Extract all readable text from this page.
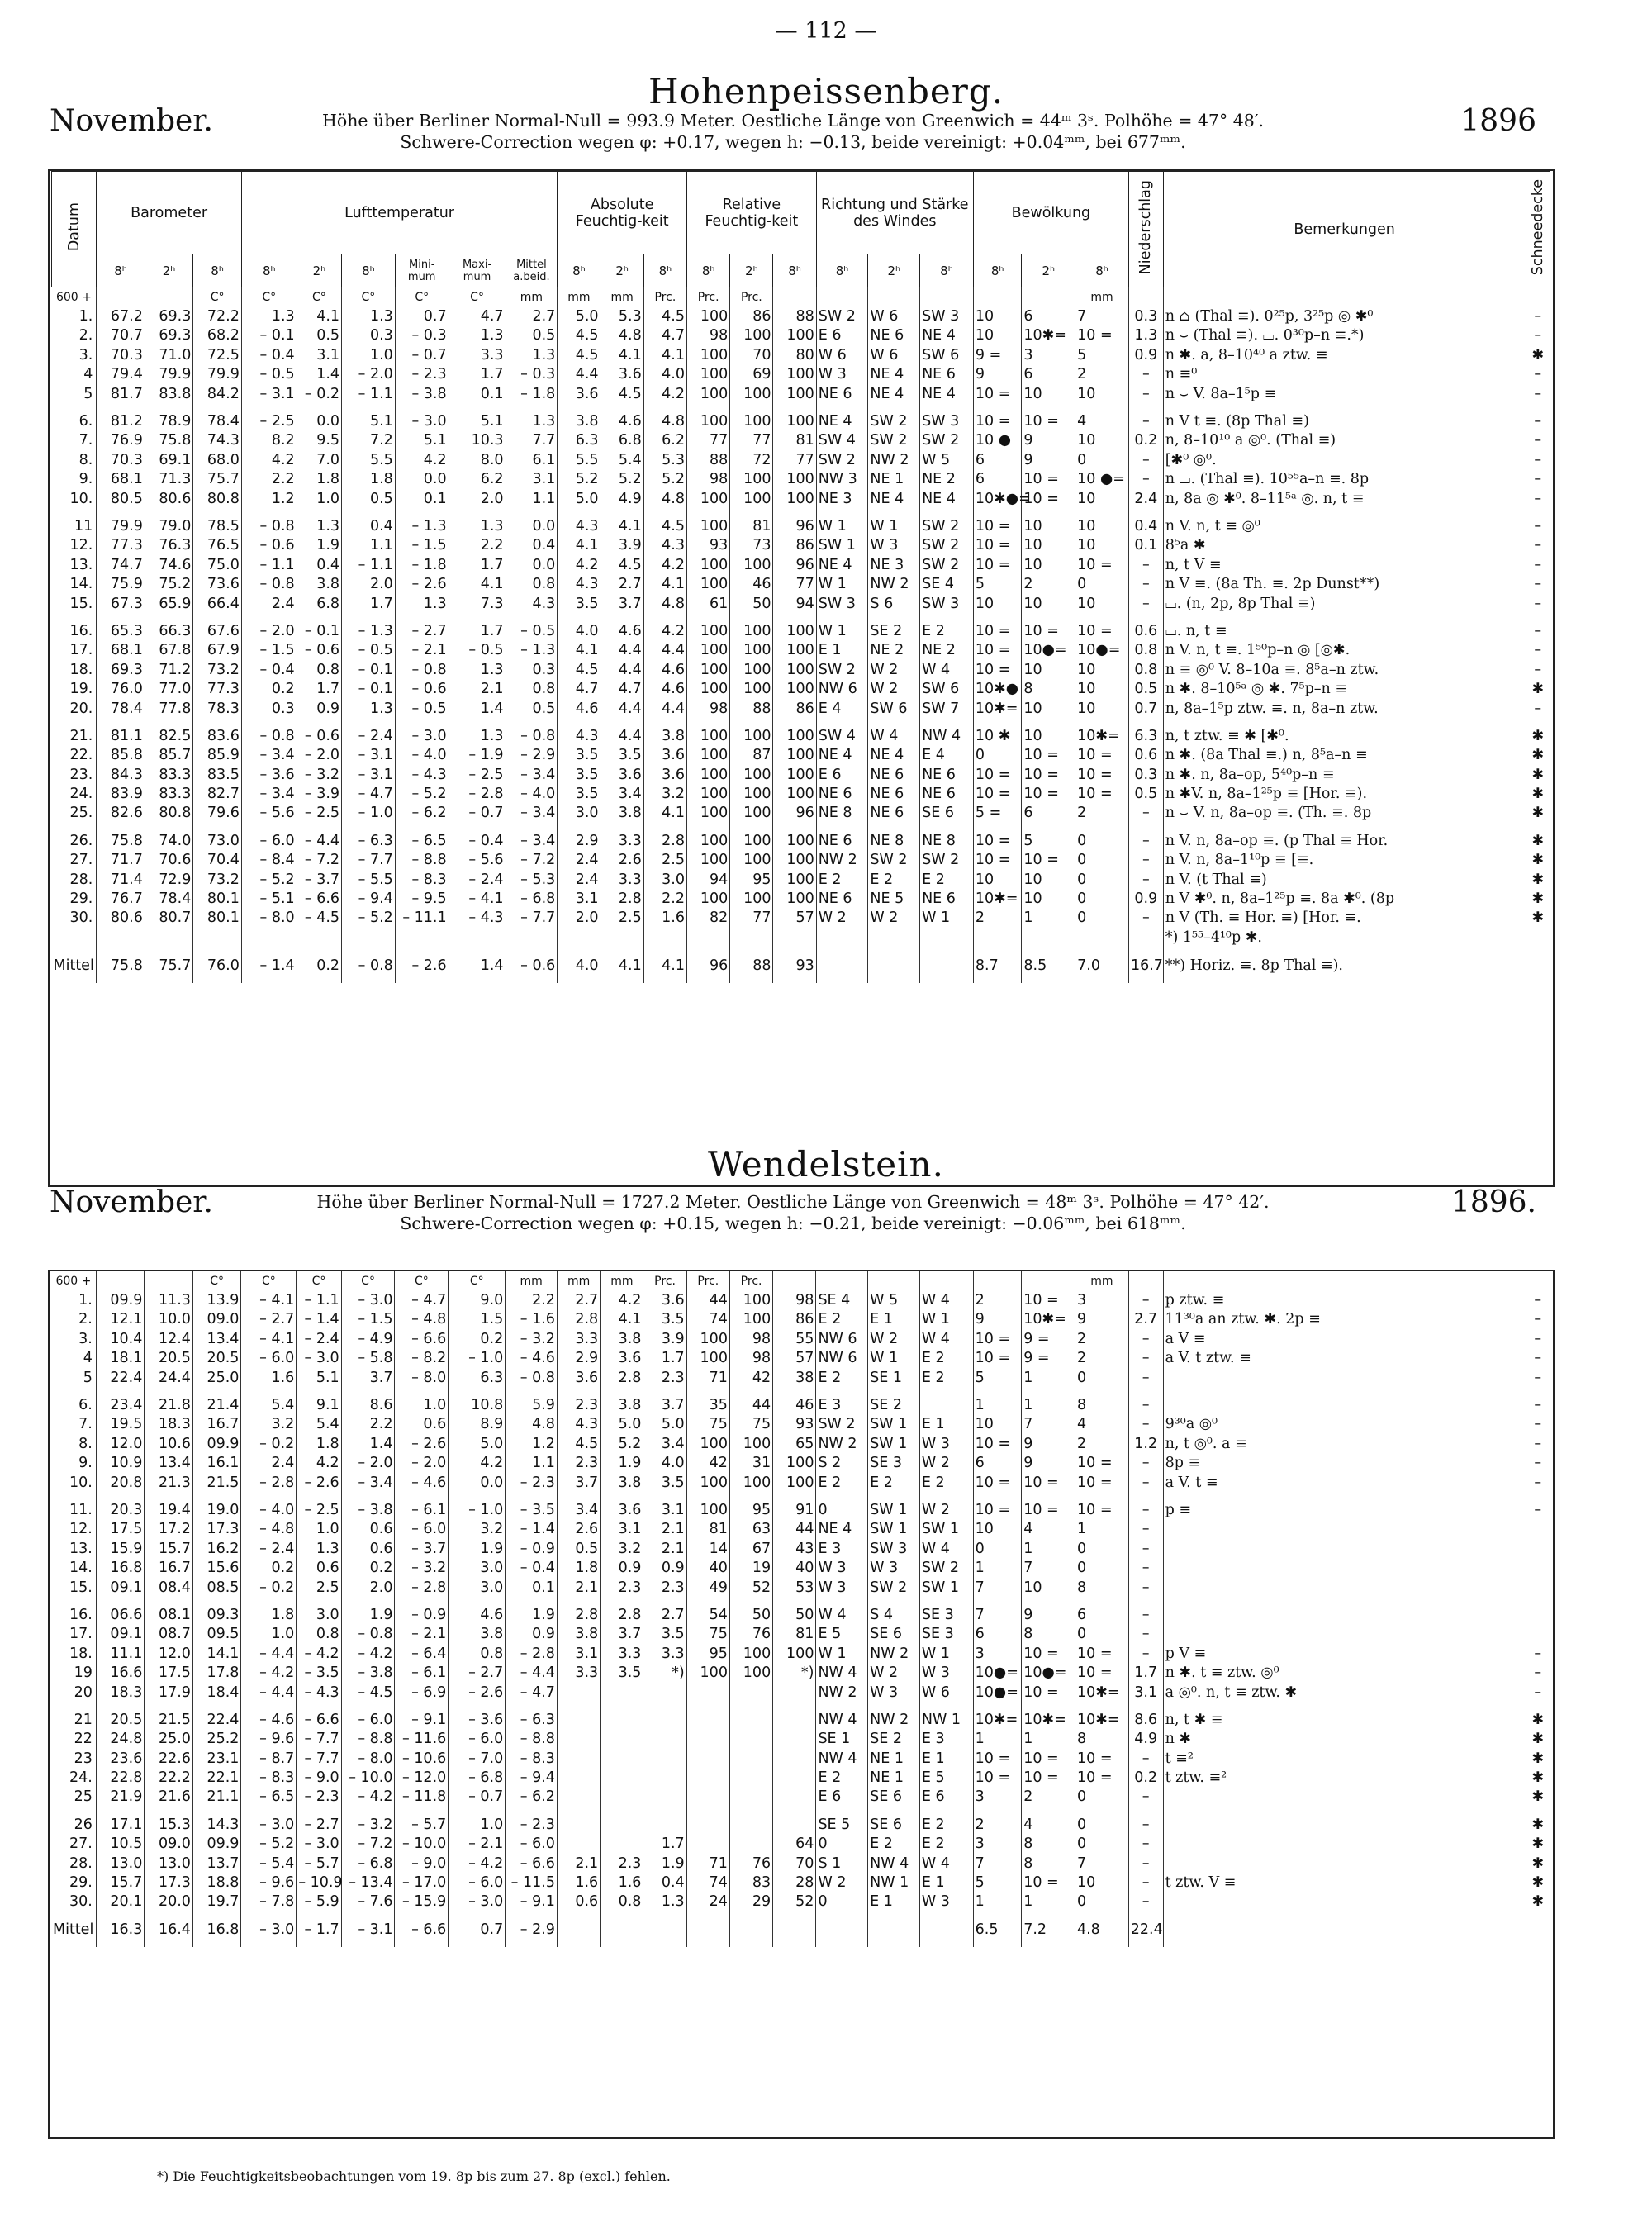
— 112 —
Hohenpeissenberg.
November.	1896
Höhe über Berliner Normal-Null = 993.9 Meter. Oestliche Länge von Greenwich = 44ᵐ 3ˢ. Polhöhe = 47° 48′.
Schwere-Correction wegen φ: +0.17, wegen h: −0.13, beide vereinigt: +0.04ᵐᵐ, bei 677ᵐᵐ.
Datum	Barometer			Lufttemperatur						Absolute Feuchtig-keit			Relative Feuchtig-keit			Richtung und Stärke des Windes			Bewölkung			Niederschlag	Bemerkungen	Schneedecke
	8ʰ	2ʰ	8ʰ	8ʰ	2ʰ	8ʰ	Mini-mum	Maxi-mum	Mittel a.beid.	8ʰ	2ʰ	8ʰ	8ʰ	2ʰ	8ʰ	8ʰ	2ʰ	8ʰ	8ʰ	2ʰ	8ʰ			
600 +			C°	C°	C°	C°	C°	C°	mm	mm	mm	Prc.	Prc.	Prc.							mm			
1.	67.2	69.3	72.2	1.3	4.1	1.3	0.7	4.7	2.7	5.0	5.3	4.5	100	86	88	SW 2	W 6	SW 3	10	6	7	0.3	n ⌂ (Thal ≡). 0²⁵p, 3²⁵p ◎ ✱⁰	–
2.	70.7	69.3	68.2	– 0.1	0.5	0.3	– 0.3	1.3	0.5	4.5	4.8	4.7	98	100	100	E 6	NE 6	NE 4	10	10✱=	10 =	1.3	n ⌣ (Thal ≡). ⌴. 0³⁰p–n ≡.*)	–
3.	70.3	71.0	72.5	– 0.4	3.1	1.0	– 0.7	3.3	1.3	4.5	4.1	4.1	100	70	80	W 6	W 6	SW 6	9 =	3	5	0.9	n ✱. a, 8–10⁴⁰ a ztw. ≡	✱
4	79.4	79.9	79.9	– 0.5	1.4	– 2.0	– 2.3	1.7	– 0.3	4.4	3.6	4.0	100	69	100	W 3	NE 4	NE 6	9	6	2	–	n ≡⁰	–
5	81.7	83.8	84.2	– 3.1	– 0.2	– 1.1	– 3.8	0.1	– 1.8	3.6	4.5	4.2	100	100	100	NE 6	NE 4	NE 4	10 =	10	10	–	n ⌣ V. 8a–1⁵p ≡	–
6.	81.2	78.9	78.4	– 2.5	0.0	5.1	– 3.0	5.1	1.3	3.8	4.6	4.8	100	100	100	NE 4	SW 2	SW 3	10 =	10 =	4	–	n V t ≡. (8p Thal ≡)	–
7.	76.9	75.8	74.3	8.2	9.5	7.2	5.1	10.3	7.7	6.3	6.8	6.2	77	77	81	SW 4	SW 2	SW 2	10 ●	9	10	0.2	n, 8–10¹⁰ a ◎⁰. (Thal ≡)	–
8.	70.3	69.1	68.0	4.2	7.0	5.5	4.2	8.0	6.1	5.5	5.4	5.3	88	72	77	SW 2	NW 2	W 5	6	9	0	–	[✱⁰ ◎⁰.	–
9.	68.1	71.3	75.7	2.2	1.8	1.8	0.0	6.2	3.1	5.2	5.2	5.2	98	100	100	NW 3	NE 1	NE 2	6	10 =	10 ●=	–	n ⌴. (Thal ≡). 10⁵⁵a–n ≡. 8p	–
10.	80.5	80.6	80.8	1.2	1.0	0.5	0.1	2.0	1.1	5.0	4.9	4.8	100	100	100	NE 3	NE 4	NE 4	10✱●=	10 =	10	2.4	n, 8a ◎ ✱⁰. 8–11⁵ᵃ ◎. n, t ≡	–
11	79.9	79.0	78.5	– 0.8	1.3	0.4	– 1.3	1.3	0.0	4.3	4.1	4.5	100	81	96	W 1	W 1	SW 2	10 =	10	10	0.4	n V. n, t ≡ ◎⁰	–
12.	77.3	76.3	76.5	– 0.6	1.9	1.1	– 1.5	2.2	0.4	4.1	3.9	4.3	93	73	86	SW 1	W 3	SW 2	10 =	10	10	0.1	8⁵a ✱	–
13.	74.7	74.6	75.0	– 1.1	0.4	– 1.1	– 1.8	1.7	0.0	4.2	4.5	4.2	100	100	96	NE 4	NE 3	SW 2	10 =	10	10 =	–	n, t V ≡	–
14.	75.9	75.2	73.6	– 0.8	3.8	2.0	– 2.6	4.1	0.8	4.3	2.7	4.1	100	46	77	W 1	NW 2	SE 4	5	2	0	–	n V ≡. (8a Th. ≡. 2p Dunst**)	–
15.	67.3	65.9	66.4	2.4	6.8	1.7	1.3	7.3	4.3	3.5	3.7	4.8	61	50	94	SW 3	S 6	SW 3	10	10	10	–	⌴. (n, 2p, 8p Thal ≡)	–
16.	65.3	66.3	67.6	– 2.0	– 0.1	– 1.3	– 2.7	1.7	– 0.5	4.0	4.6	4.2	100	100	100	W 1	SE 2	E 2	10 =	10 =	10 =	0.6	⌴. n, t ≡	–
17.	68.1	67.8	67.9	– 1.5	– 0.6	– 0.5	– 2.1	– 0.5	– 1.3	4.1	4.4	4.4	100	100	100	E 1	NE 2	NE 2	10 =	10●=	10●=	0.8	n V. n, t ≡. 1⁵⁰p–n ◎ [◎✱.	–
18.	69.3	71.2	73.2	– 0.4	0.8	– 0.1	– 0.8	1.3	0.3	4.5	4.4	4.6	100	100	100	SW 2	W 2	W 4	10 =	10	10	0.8	n ≡ ◎⁰ V. 8–10a ≡. 8⁵a–n ztw.	–
19.	76.0	77.0	77.3	0.2	1.7	– 0.1	– 0.6	2.1	0.8	4.7	4.7	4.6	100	100	100	NW 6	W 2	SW 6	10✱●	8	10	0.5	n ✱. 8–10⁵ᵃ ◎ ✱. 7⁵p–n ≡	✱
20.	78.4	77.8	78.3	0.3	0.9	1.3	– 0.5	1.4	0.5	4.6	4.4	4.4	98	88	86	E 4	SW 6	SW 7	10✱=	10	10	0.7	n, 8a–1⁵p ztw. ≡. n, 8a–n ztw.	–
21.	81.1	82.5	83.6	– 0.8	– 0.6	– 2.4	– 3.0	1.3	– 0.8	4.3	4.4	3.8	100	100	100	SW 4	W 4	NW 4	10 ✱	10	10✱=	6.3	n, t ztw. ≡ ✱ [✱⁰.	✱
22.	85.8	85.7	85.9	– 3.4	– 2.0	– 3.1	– 4.0	– 1.9	– 2.9	3.5	3.5	3.6	100	87	100	NE 4	NE 4	E 4	0	10 =	10 =	0.6	n ✱. (8a Thal ≡.) n, 8⁵a–n ≡	✱
23.	84.3	83.3	83.5	– 3.6	– 3.2	– 3.1	– 4.3	– 2.5	– 3.4	3.5	3.6	3.6	100	100	100	E 6	NE 6	NE 6	10 =	10 =	10 =	0.3	n ✱. n, 8a–op, 5⁴⁰p–n ≡	✱
24.	83.9	83.3	82.7	– 3.4	– 3.9	– 4.7	– 5.2	– 2.8	– 4.0	3.5	3.4	3.2	100	100	100	NE 6	NE 6	NE 6	10 =	10 =	10 =	0.5	n ✱V. n, 8a–1²⁵p ≡ [Hor. ≡).	✱
25.	82.6	80.8	79.6	– 5.6	– 2.5	– 1.0	– 6.2	– 0.7	– 3.4	3.0	3.8	4.1	100	100	96	NE 8	NE 6	SE 6	5 =	6	2	–	n ⌣ V. n, 8a–op ≡. (Th. ≡. 8p	✱
26.	75.8	74.0	73.0	– 6.0	– 4.4	– 6.3	– 6.5	– 0.4	– 3.4	2.9	3.3	2.8	100	100	100	NE 6	NE 8	NE 8	10 =	5	0	–	n V. n, 8a–op ≡. (p Thal ≡ Hor.	✱
27.	71.7	70.6	70.4	– 8.4	– 7.2	– 7.7	– 8.8	– 5.6	– 7.2	2.4	2.6	2.5	100	100	100	NW 2	SW 2	SW 2	10 =	10 =	0	–	n V. n, 8a–1¹⁰p ≡ [≡.	✱
28.	71.4	72.9	73.2	– 5.2	– 3.7	– 5.5	– 8.3	– 2.4	– 5.3	2.4	3.3	3.0	94	95	100	E 2	E 2	E 2	10	10	0	–	n V. (t Thal ≡)	✱
29.	76.7	78.4	80.1	– 5.1	– 6.6	– 9.4	– 9.5	– 4.1	– 6.8	3.1	2.8	2.2	100	100	100	NE 6	NE 5	NE 6	10✱=	10	0	0.9	n V ✱⁰. n, 8a–1²⁵p ≡. 8a ✱⁰. (8p	✱
30.	80.6	80.7	80.1	– 8.0	– 4.5	– 5.2	– 11.1	– 4.3	– 7.7	2.0	2.5	1.6	82	77	57	W 2	W 2	W 1	2	1	0	–	n V (Th. ≡ Hor. ≡) [Hor. ≡.	✱
																							*) 1⁵⁵–4¹⁰p ✱.	
Mittel	75.8	75.7	76.0	– 1.4	0.2	– 0.8	– 2.6	1.4	– 0.6	4.0	4.1	4.1	96	88	93				8.7	8.5	7.0	16.7	**) Horiz. ≡. 8p Thal ≡).	
Wendelstein.
November.	1896.
Höhe über Berliner Normal-Null = 1727.2 Meter. Oestliche Länge von Greenwich = 48ᵐ 3ˢ. Polhöhe = 47° 42′.
Schwere-Correction wegen φ: +0.15, wegen h: −0.21, beide vereinigt: −0.06ᵐᵐ, bei 618ᵐᵐ.
600 +			C°	C°	C°	C°	C°	C°	mm	mm	mm	Prc.	Prc.	Prc.							mm			
1.	09.9	11.3	13.9	– 4.1	– 1.1	– 3.0	– 4.7	9.0	2.2	2.7	4.2	3.6	44	100	98	SE 4	W 5	W 4	2	10 =	3	–	p ztw. ≡	–
2.	12.1	10.0	09.0	– 2.7	– 1.4	– 1.5	– 4.8	1.5	– 1.6	2.8	4.1	3.5	74	100	86	E 2	E 1	W 1	9	10✱=	9	2.7	11³⁰a an ztw. ✱. 2p ≡	–
3.	10.4	12.4	13.4	– 4.1	– 2.4	– 4.9	– 6.6	0.2	– 3.2	3.3	3.8	3.9	100	98	55	NW 6	W 2	W 4	10 =	9 =	2	–	a V ≡	–
4	18.1	20.5	20.5	– 6.0	– 3.0	– 5.8	– 8.2	– 1.0	– 4.6	2.9	3.6	1.7	100	98	57	NW 6	W 1	E 2	10 =	9 =	2	–	a V. t ztw. ≡	–
5	22.4	24.4	25.0	1.6	5.1	3.7	– 8.0	6.3	– 0.8	3.6	2.8	2.3	71	42	38	E 2	SE 1	E 2	5	1	0	–		–
6.	23.4	21.8	21.4	5.4	9.1	8.6	1.0	10.8	5.9	2.3	3.8	3.7	35	44	46	E 3	SE 2		1	1	8	–		–
7.	19.5	18.3	16.7	3.2	5.4	2.2	0.6	8.9	4.8	4.3	5.0	5.0	75	75	93	SW 2	SW 1	E 1	10	7	4	–	9³⁰a ◎⁰	–
8.	12.0	10.6	09.9	– 0.2	1.8	1.4	– 2.6	5.0	1.2	4.5	5.2	3.4	100	100	65	NW 2	SW 1	W 3	10 =	9	2	1.2	n, t ◎⁰. a ≡	–
9.	10.9	13.4	16.1	2.4	4.2	– 2.0	– 2.0	4.2	1.1	2.3	1.9	4.0	42	31	100	S 2	SE 3	W 2	6	9	10 =	–	8p ≡	–
10.	20.8	21.3	21.5	– 2.8	– 2.6	– 3.4	– 4.6	0.0	– 2.3	3.7	3.8	3.5	100	100	100	E 2	E 2	E 2	10 =	10 =	10 =	–	a V. t ≡	–
11.	20.3	19.4	19.0	– 4.0	– 2.5	– 3.8	– 6.1	– 1.0	– 3.5	3.4	3.6	3.1	100	95	91	0	SW 1	W 2	10 =	10 =	10 =	–	p ≡	–
12.	17.5	17.2	17.3	– 4.8	1.0	0.6	– 6.0	3.2	– 1.4	2.6	3.1	2.1	81	63	44	NE 4	SW 1	SW 1	10	4	1	–		
13.	15.9	15.7	16.2	– 2.4	1.3	0.6	– 3.7	1.9	– 0.9	0.5	3.2	2.1	14	67	43	E 3	SW 3	W 4	0	1	0	–		
14.	16.8	16.7	15.6	0.2	0.6	0.2	– 3.2	3.0	– 0.4	1.8	0.9	0.9	40	19	40	W 3	W 3	SW 2	1	7	0	–		
15.	09.1	08.4	08.5	– 0.2	2.5	2.0	– 2.8	3.0	0.1	2.1	2.3	2.3	49	52	53	W 3	SW 2	SW 1	7	10	8	–		
16.	06.6	08.1	09.3	1.8	3.0	1.9	– 0.9	4.6	1.9	2.8	2.8	2.7	54	50	50	W 4	S 4	SE 3	7	9	6	–		
17.	09.1	08.7	09.5	1.0	0.8	– 0.8	– 2.1	3.8	0.9	3.8	3.7	3.5	75	76	81	E 5	SE 6	SE 3	6	8	0	–		
18.	11.1	12.0	14.1	– 4.4	– 4.2	– 4.2	– 6.4	0.8	– 2.8	3.1	3.3	3.3	95	100	100	W 1	NW 2	W 1	3	10 =	10 =	–	p V ≡	–
19	16.6	17.5	17.8	– 4.2	– 3.5	– 3.8	– 6.1	– 2.7	– 4.4	3.3	3.5	*)	100	100	*)	NW 4	W 2	W 3	10●=	10●=	10 =	1.7	n ✱. t ≡ ztw. ◎⁰	–
20	18.3	17.9	18.4	– 4.4	– 4.3	– 4.5	– 6.9	– 2.6	– 4.7							NW 2	W 3	W 6	10●=	10 =	10✱=	3.1	a ◎⁰. n, t ≡ ztw. ✱	–
21	20.5	21.5	22.4	– 4.6	– 6.6	– 6.0	– 9.1	– 3.6	– 6.3							NW 4	NW 2	NW 1	10✱=	10✱=	10✱=	8.6	n, t ✱ ≡	✱
22	24.8	25.0	25.2	– 9.6	– 7.7	– 8.8	– 11.6	– 6.0	– 8.8							SE 1	SE 2	E 3	1	1	8	4.9	n ✱	✱
23	23.6	22.6	23.1	– 8.7	– 7.7	– 8.0	– 10.6	– 7.0	– 8.3							NW 4	NE 1	E 1	10 =	10 =	10 =	–	t ≡²	✱
24.	22.8	22.2	22.1	– 8.3	– 9.0	– 10.0	– 12.0	– 6.8	– 9.4							E 2	NE 1	E 5	10 =	10 =	10 =	0.2	t ztw. ≡²	✱
25	21.9	21.6	21.1	– 6.5	– 2.3	– 4.2	– 11.8	– 0.7	– 6.2							E 6	SE 6	E 6	3	2	0	–		✱
26	17.1	15.3	14.3	– 3.0	– 2.7	– 3.2	– 5.7	1.0	– 2.3							SE 5	SE 6	E 2	2	4	0	–		✱
27.	10.5	09.0	09.9	– 5.2	– 3.0	– 7.2	– 10.0	– 2.1	– 6.0			1.7			64	0	E 2	E 2	3	8	0	–		✱
28.	13.0	13.0	13.7	– 5.4	– 5.7	– 6.8	– 9.0	– 4.2	– 6.6	2.1	2.3	1.9	71	76	70	S 1	NW 4	W 4	7	8	7	–		✱
29.	15.7	17.3	18.8	– 9.6	– 10.9	– 13.4	– 17.0	– 6.0	– 11.5	1.6	1.6	0.4	74	83	28	W 2	NW 1	E 1	5	10 =	10	–	t ztw. V ≡	✱
30.	20.1	20.0	19.7	– 7.8	– 5.9	– 7.6	– 15.9	– 3.0	– 9.1	0.6	0.8	1.3	24	29	52	0	E 1	W 3	1	1	0	–		✱
Mittel	16.3	16.4	16.8	– 3.0	– 1.7	– 3.1	– 6.6	0.7	– 2.9										6.5	7.2	4.8	22.4		
*) Die Feuchtigkeitsbeobachtungen vom 19. 8p bis zum 27. 8p (excl.) fehlen.
